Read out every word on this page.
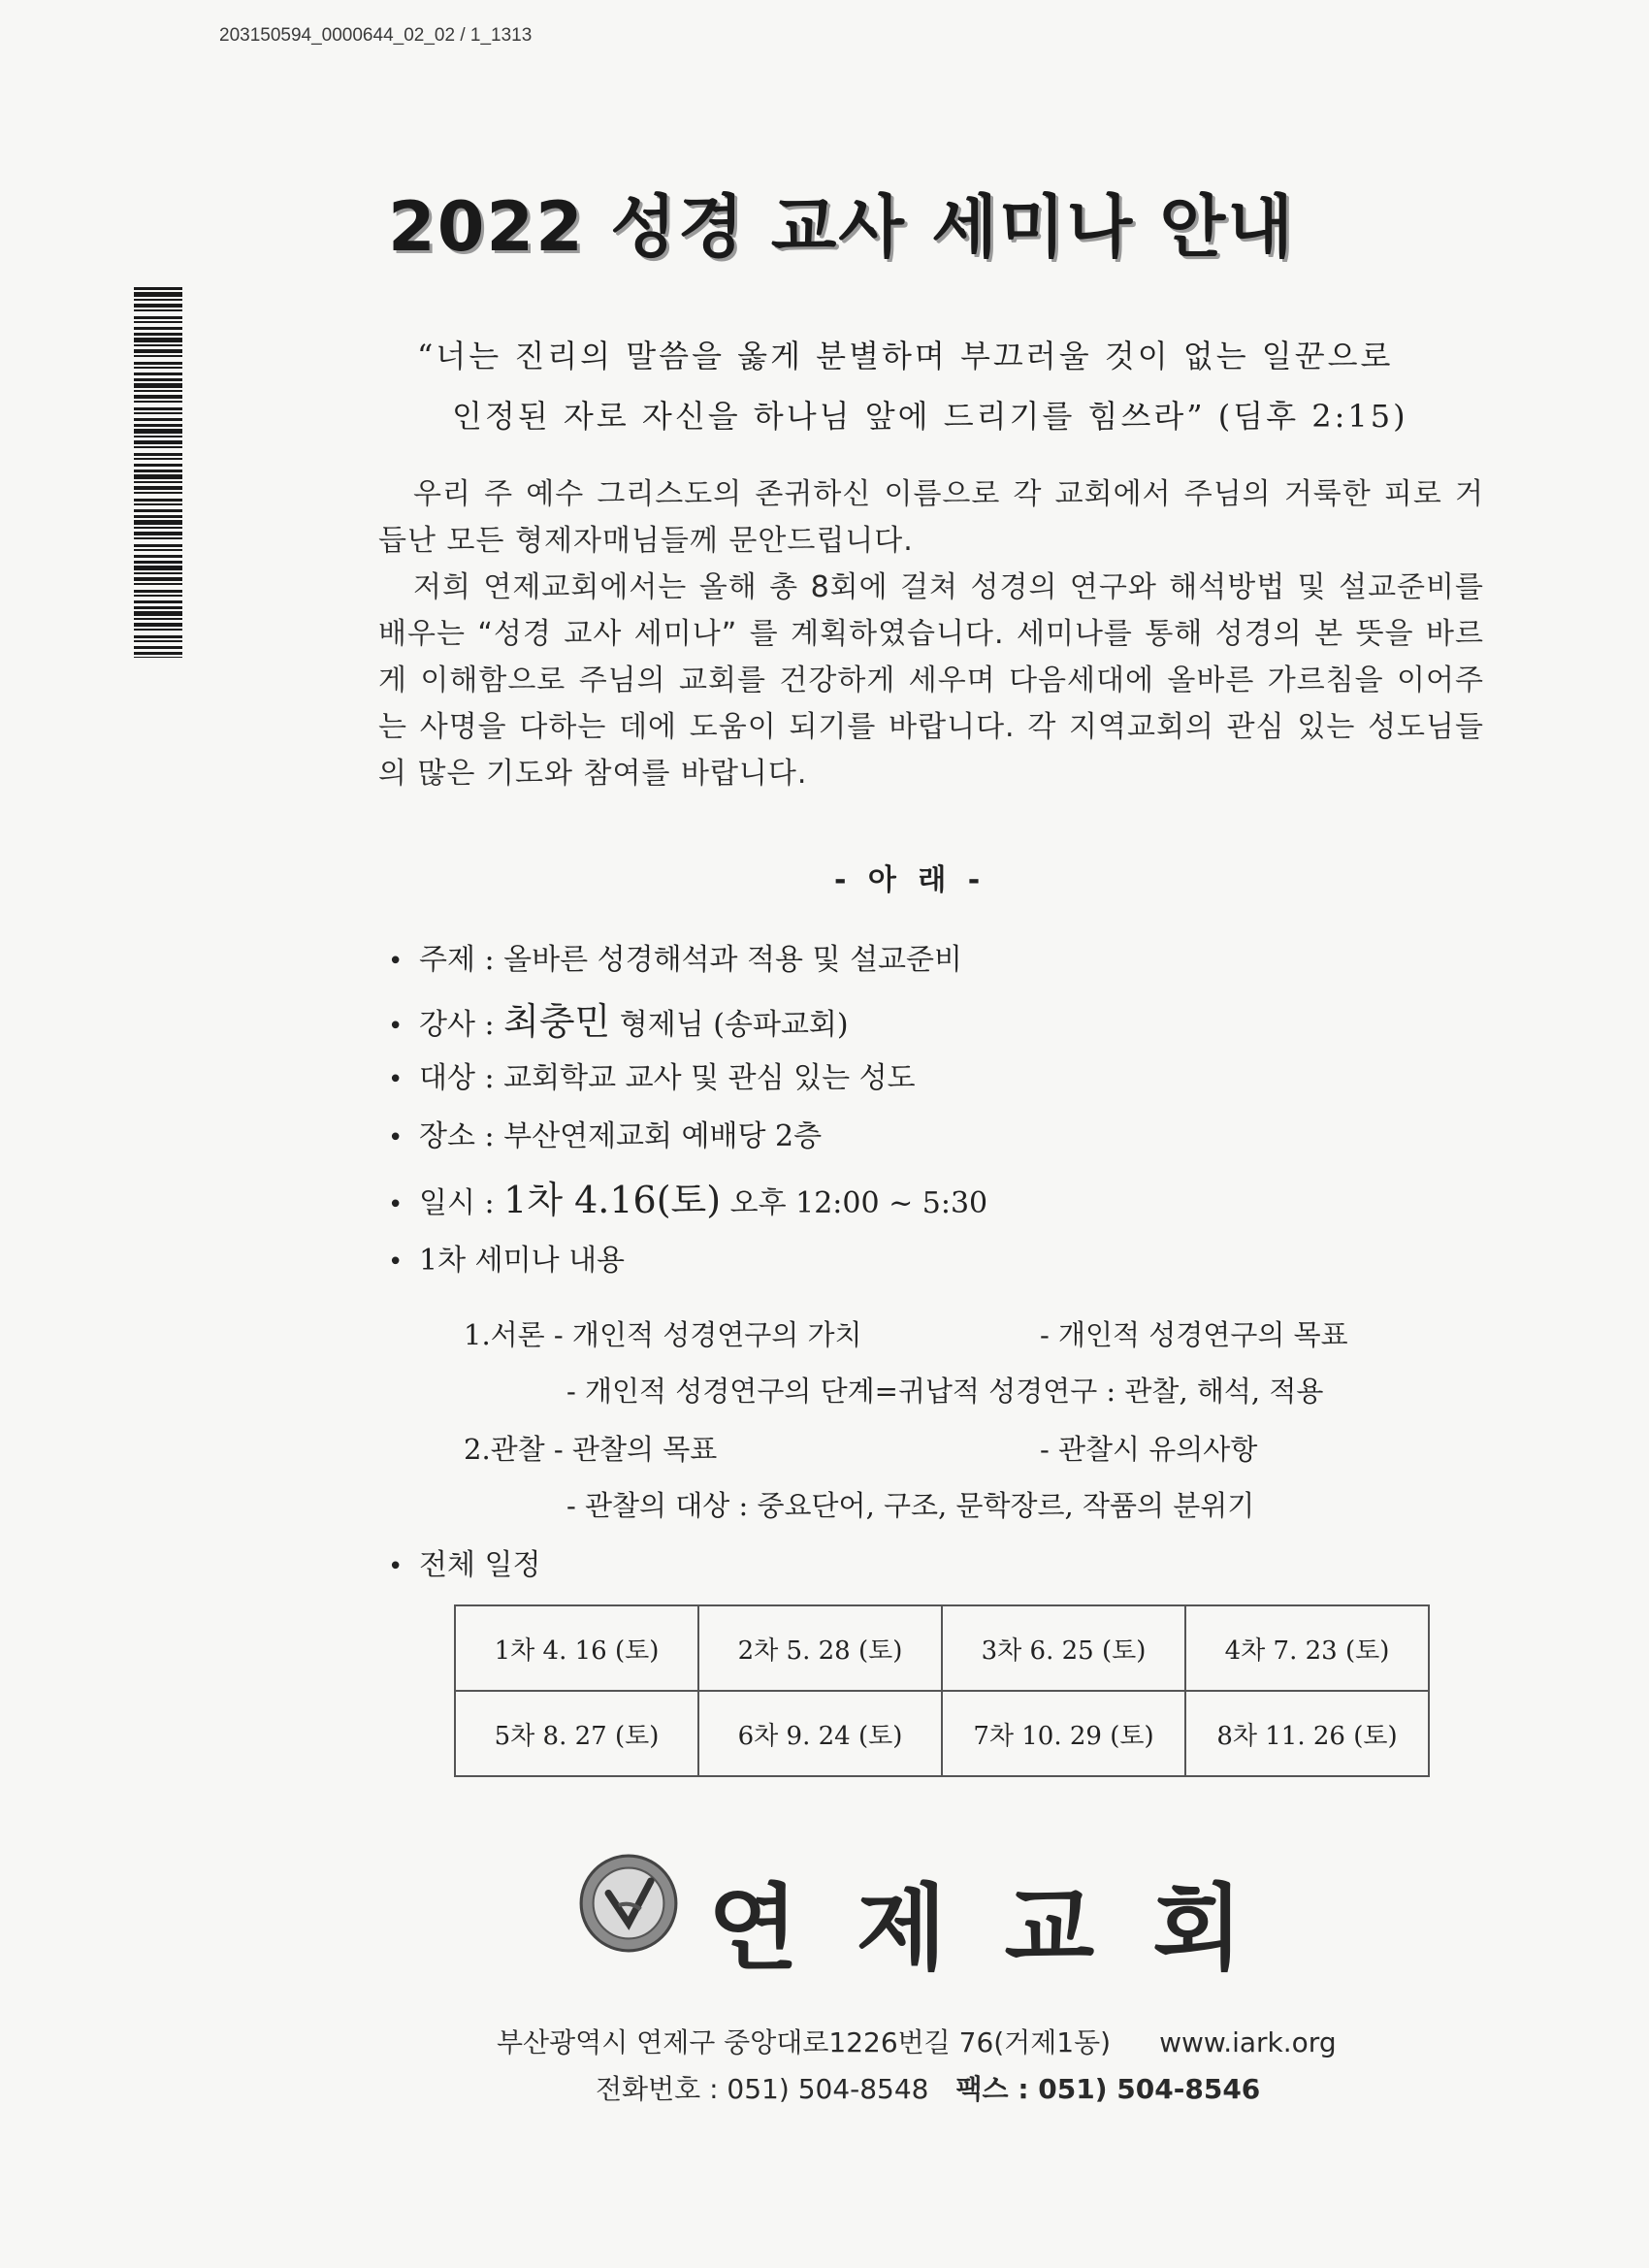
203150594_0000644_02_02 / 1_1313
2022 성경 교사 세미나 안내
“너는 진리의 말씀을 옳게 분별하며 부끄러울 것이 없는 일꾼으로
인정된 자로 자신을 하나님 앞에 드리기를 힘쓰라” (딤후 2:15)

우리 주 예수 그리스도의 존귀하신 이름으로 각 교회에서 주님의 거룩한 피로 거듭난 모든 형제자매님들께 문안드립니다.

저희 연제교회에서는 올해 총 8회에 걸쳐 성경의 연구와 해석방법 및 설교준비를 배우는 “성경 교사 세미나” 를 계획하였습니다. 세미나를 통해 성경의 본 뜻을 바르게 이해함으로 주님의 교회를 건강하게 세우며 다음세대에 올바른 가르침을 이어주는 사명을 다하는 데에 도움이 되기를 바랍니다. 각 지역교회의 관심 있는 성도님들의 많은 기도와 참여를 바랍니다.

- 아 래 -
• 주제 : 올바른 성경해석과 적용 및 설교준비
• 강사 : 최충민 형제님 (송파교회)
• 대상 : 교회학교 교사 및 관심 있는 성도
• 장소 : 부산연제교회 예배당 2층
• 일시 : 1차 4.16(토) 오후 12:00 ~ 5:30
• 1차 세미나 내용
• 전체 일정
1.서론 - 개인적 성경연구의 가치	- 개인적 성경연구의 목표
- 개인적 성경연구의 단계=귀납적 성경연구 : 관찰, 해석, 적용
2.관찰 - 관찰의 목표	- 관찰시 유의사항
- 관찰의 대상 : 중요단어, 구조, 문학장르, 작품의 분위기
1차 4. 16 (토)	2차 5. 28 (토)	3차 6. 25 (토)	4차 7. 23 (토)
5차 8. 27 (토)	6차 9. 24 (토)	7차 10. 29 (토)	8차 11. 26 (토)
연제교회
부산광역시 연제구 중앙대로1226번길 76(거제1동) www.iark.org
전화번호 : 051) 504-8548 팩스 : 051) 504-8546
